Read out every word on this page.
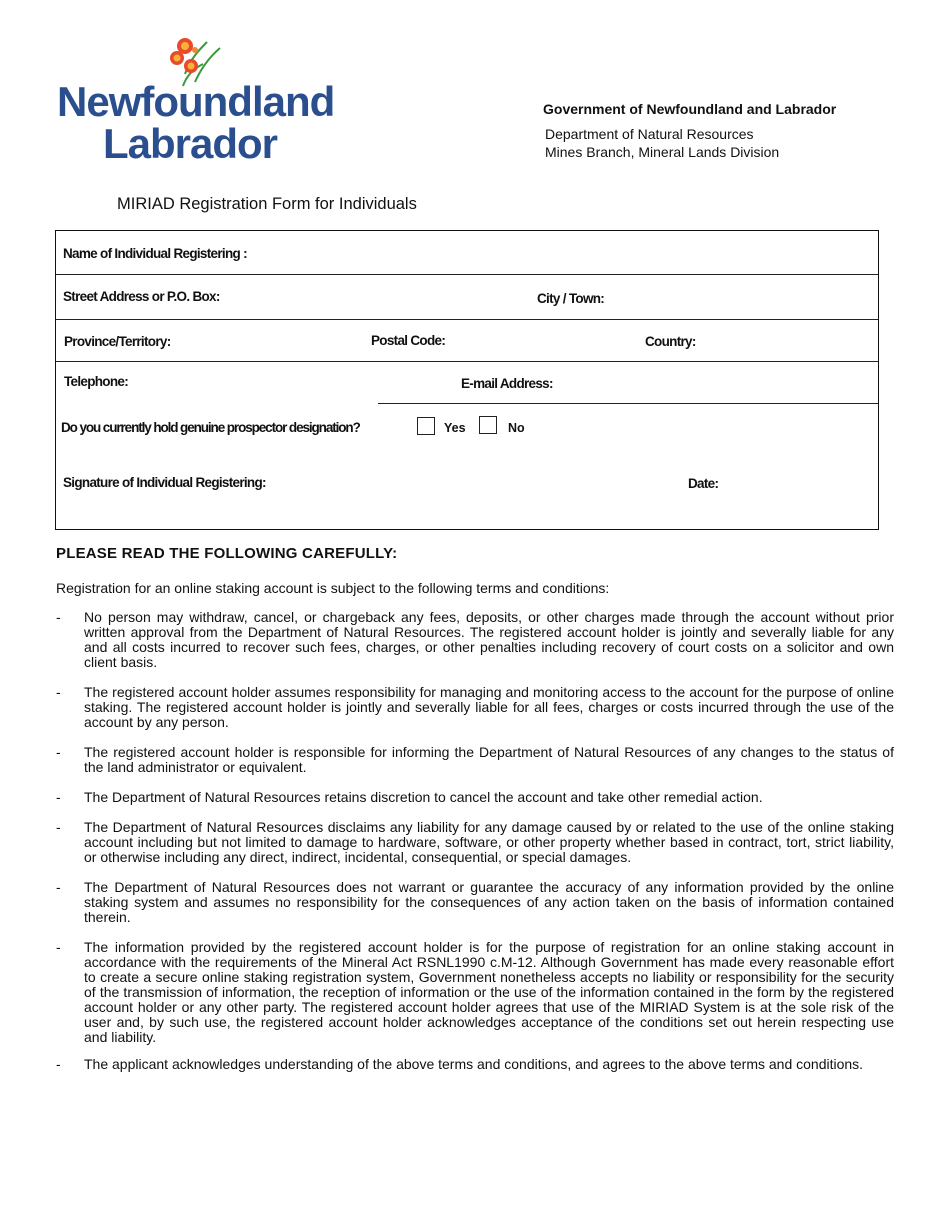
Newfoundland
Labrador
Government of Newfoundland and Labrador
Department of Natural Resources
Mines Branch, Mineral Lands Division
MIRIAD Registration Form for Individuals
Name of Individual Registering :
Street Address or P.O. Box:	City / Town:
Province/Territory:	Postal Code:	Country:
Telephone:	E-mail Address:
Do you currently hold genuine prospector designation?	Yes	No
Signature of Individual Registering:	Date:
PLEASE READ THE FOLLOWING CAREFULLY:
Registration for an online staking account is subject to the following terms and conditions:
- No person may withdraw, cancel, or chargeback any fees, deposits, or other charges made through the account without prior written approval from the Department of Natural Resources. The registered account holder is jointly and severally liable for any and all costs incurred to recover such fees, charges, or other penalties including recovery of court costs on a solicitor and own client basis.
- The registered account holder assumes responsibility for managing and monitoring access to the account for the purpose of online staking. The registered account holder is jointly and severally liable for all fees, charges or costs incurred through the use of the account by any person.
- The registered account holder is responsible for informing the Department of Natural Resources of any changes to the status of the land administrator or equivalent.
- The Department of Natural Resources retains discretion to cancel the account and take other remedial action.
- The Department of Natural Resources disclaims any liability for any damage caused by or related to the use of the online staking account including but not limited to damage to hardware, software, or other property whether based in contract, tort, strict liability, or otherwise including any direct, indirect, incidental, consequential, or special damages.
- The Department of Natural Resources does not warrant or guarantee the accuracy of any information provided by the online staking system and assumes no responsibility for the consequences of any action taken on the basis of information contained therein.
- The information provided by the registered account holder is for the purpose of registration for an online staking account in accordance with the requirements of the Mineral Act RSNL1990 c.M-12. Although Government has made every reasonable effort to create a secure online staking registration system, Government nonetheless accepts no liability or responsibility for the security of the transmission of information, the reception of information or the use of the information contained in the form by the registered account holder or any other party. The registered account holder agrees that use of the MIRIAD System is at the sole risk of the user and, by such use, the registered account holder acknowledges acceptance of the conditions set out herein respecting use and liability.
- The applicant acknowledges understanding of the above terms and conditions, and agrees to the above terms and conditions.
